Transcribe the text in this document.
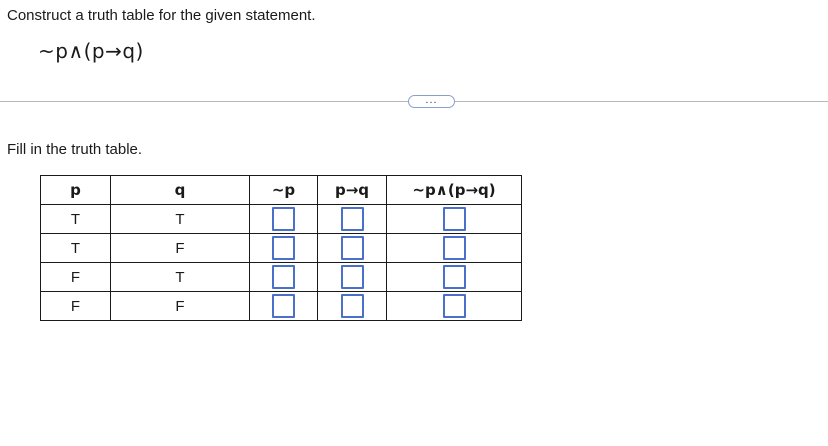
Construct a truth table for the given statement.
~p∧(p→q)
...
Fill in the truth table.
p	q	~p	p→q	~p∧(p→q)
T	T			
T	F			
F	T			
F	F			
